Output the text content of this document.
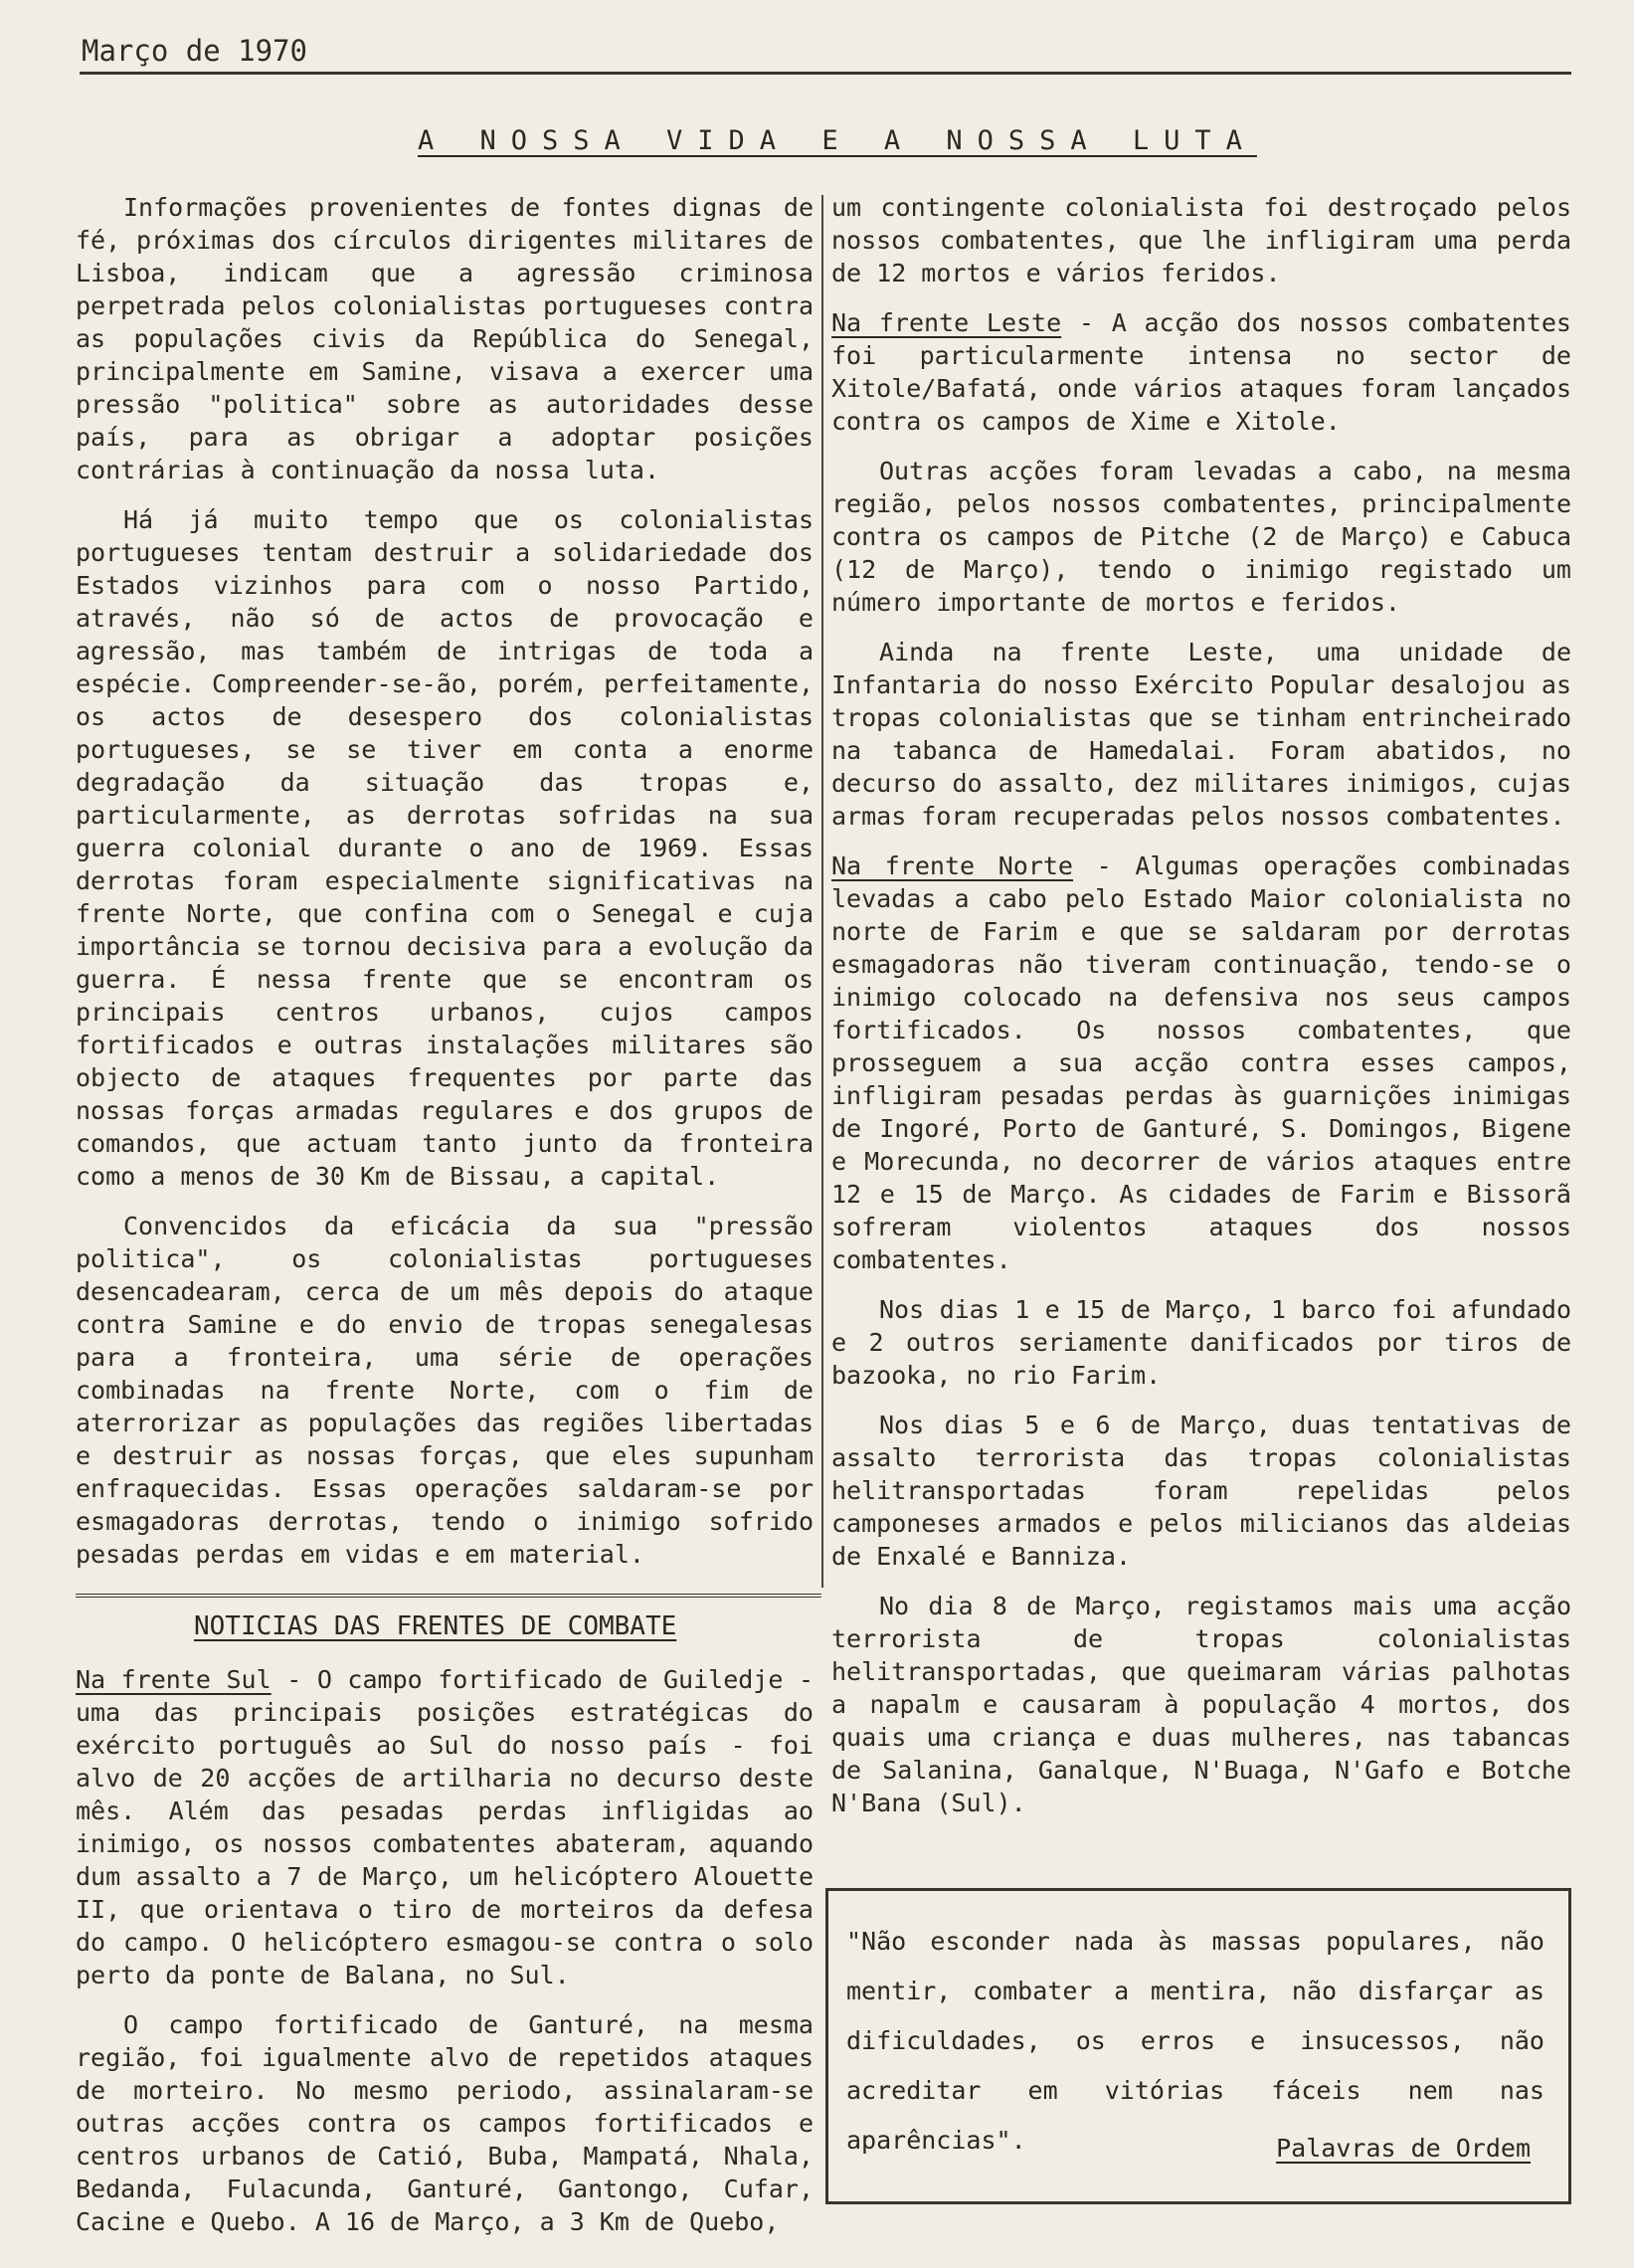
Março de 1970
A NOSSA VIDA E A NOSSA LUTA

Informações provenientes de fontes dignas de fé, próximas dos círculos dirigentes militares de Lisboa, indicam que a agressão criminosa perpetrada pelos colonialistas portugueses contra as populações civis da República do Senegal, principalmente em Samine, visava a exercer uma pressão "politica" sobre as autoridades desse país, para as obrigar a adoptar posições contrárias à continuação da nossa luta.

Há já muito tempo que os colonialistas portugueses tentam destruir a solidariedade dos Estados vizinhos para com o nosso Partido, através, não só de actos de provocação e agressão, mas também de intrigas de toda a espécie. Compreender-se-ão, porém, perfeitamente, os actos de desespero dos colonialistas portugueses, se se tiver em conta a enorme degradação da situação das tropas e, particularmente, as derrotas sofridas na sua guerra colonial durante o ano de 1969. Essas derrotas foram especialmente significativas na frente Norte, que confina com o Senegal e cuja importância se tornou decisiva para a evolução da guerra. É nessa frente que se encontram os principais centros urbanos, cujos campos fortificados e outras instalações militares são objecto de ataques frequentes por parte das nossas forças armadas regulares e dos grupos de comandos, que actuam tanto junto da fronteira como a menos de 30 Km de Bissau, a capital.

Convencidos da eficácia da sua "pressão politica", os colonialistas portugueses desencadearam, cerca de um mês depois do ataque contra Samine e do envio de tropas senegalesas para a fronteira, uma série de operações combinadas na frente Norte, com o fim de aterrorizar as populações das regiões libertadas e destruir as nossas forças, que eles supunham enfraquecidas. Essas operações saldaram-se por esmagadoras derrotas, tendo o inimigo sofrido pesadas perdas em vidas e em material.

NOTICIAS DAS FRENTES DE COMBATE

Na frente Sul - O campo fortificado de Guiledje - uma das principais posições estratégicas do exército português ao Sul do nosso país - foi alvo de 20 acções de artilharia no decurso deste mês. Além das pesadas perdas infligidas ao inimigo, os nossos combatentes abateram, aquando dum assalto a 7 de Março, um helicóptero Alouette II, que orientava o tiro de morteiros da defesa do campo. O helicóptero esmagou-se contra o solo perto da ponte de Balana, no Sul.

O campo fortificado de Ganturé, na mesma região, foi igualmente alvo de repetidos ataques de morteiro. No mesmo periodo, assinalaram-se outras acções contra os campos fortificados e centros urbanos de Catió, Buba, Mampatá, Nhala, Bedanda, Fulacunda, Ganturé, Gantongo, Cufar, Cacine e Quebo. A 16 de Março, a 3 Km de Quebo,

um contingente colonialista foi destroçado pelos nossos combatentes, que lhe infligiram uma perda de 12 mortos e vários feridos.

Na frente Leste - A acção dos nossos combatentes foi particularmente intensa no sector de Xitole/Bafatá, onde vários ataques foram lançados contra os campos de Xime e Xitole.

Outras acções foram levadas a cabo, na mesma região, pelos nossos combatentes, principalmente contra os campos de Pitche (2 de Março) e Cabuca (12 de Março), tendo o inimigo registado um número importante de mortos e feridos.

Ainda na frente Leste, uma unidade de Infantaria do nosso Exército Popular desalojou as tropas colonialistas que se tinham entrincheirado na tabanca de Hamedalai. Foram abatidos, no decurso do assalto, dez militares inimigos, cujas armas foram recuperadas pelos nossos combatentes.

Na frente Norte - Algumas operações combinadas levadas a cabo pelo Estado Maior colonialista no norte de Farim e que se saldaram por derrotas esmagadoras não tiveram continuação, tendo-se o inimigo colocado na defensiva nos seus campos fortificados. Os nossos combatentes, que prosseguem a sua acção contra esses campos, infligiram pesadas perdas às guarnições inimigas de Ingoré, Porto de Ganturé, S. Domingos, Bigene e Morecunda, no decorrer de vários ataques entre 12 e 15 de Março. As cidades de Farim e Bissorã sofreram violentos ataques dos nossos combatentes.

Nos dias 1 e 15 de Março, 1 barco foi afundado e 2 outros seriamente danificados por tiros de bazooka, no rio Farim.

Nos dias 5 e 6 de Março, duas tentativas de assalto terrorista das tropas colonialistas helitransportadas foram repelidas pelos camponeses armados e pelos milicianos das aldeias de Enxalé e Banniza.

No dia 8 de Março, registamos mais uma acção terrorista de tropas colonialistas helitransportadas, que queimaram várias palhotas a napalm e causaram à população 4 mortos, dos quais uma criança e duas mulheres, nas tabancas de Salanina, Ganalque, N'Buaga, N'Gafo e Botche N'Bana (Sul).

"Não esconder nada às massas populares, não mentir, combater a mentira, não disfarçar as dificuldades, os erros e insucessos, não acreditar em vitórias fáceis nem nas aparências".	Palavras de Ordem
